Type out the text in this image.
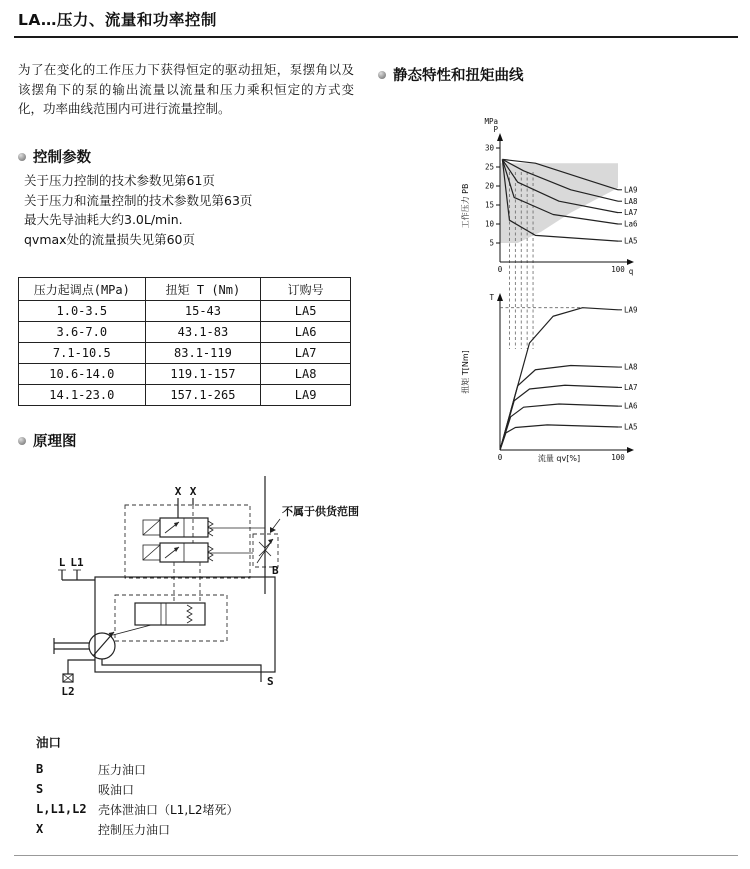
LA…压力、流量和功率控制

为了在变化的工作压力下获得恒定的驱动扭矩，泵摆角以及该摆角下的泵的输出流量以流量和压力乘积恒定的方式变化，功率曲线范围内可进行流量控制。

控制参数
关于压力控制的技术参数见第61页
关于压力和流量控制的技术参数见第63页
最大先导油耗大约3.0L/min.
qvmax处的流量损失见第60页
压力起调点(MPa)	扭矩 T (Nm)	订购号
1.0-3.5	15-43	LA5
3.6-7.0	43.1-83	LA6
7.1-10.5	83.1-119	LA7
10.6-14.0	119.1-157	LA8
14.1-23.0	157.1-265	LA9
原理图
X X
不属于供货范围
B
S
L L1
L2
静态特性和扭矩曲线
5
10
15
20
25
30
MPa
P
0	100 q
工作压力 PB	LA9
LA8
LA7
La6
LA5
T
0	100
流量 qv[%]
扭矩 T[Nm]
LA9
LA8
LA7
LA6
LA5
油口
B	压力油口
S	吸油口
L,L1,L2 壳体泄油口（L1,L2堵死）
X	控制压力油口
